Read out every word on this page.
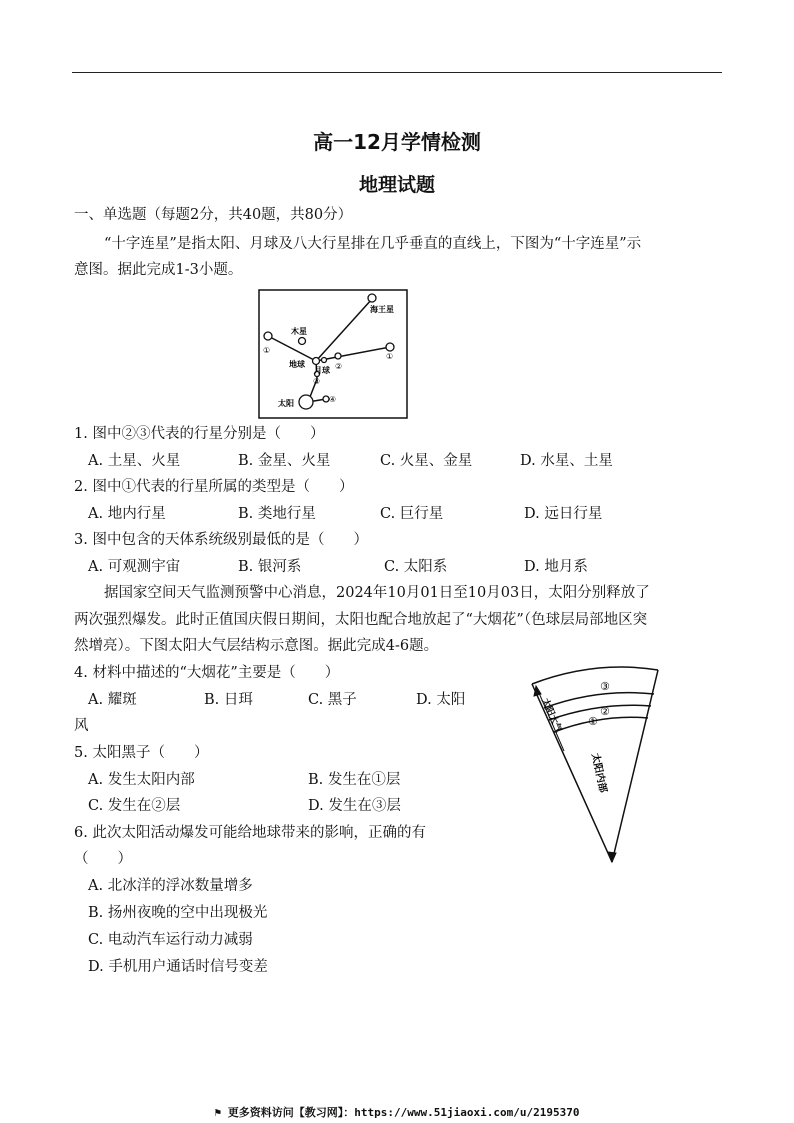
高一12月学情检测
地理试题
一、单选题（每题2分，共40题，共80分）
“十字连星”是指太阳、月球及八大行星排在几乎垂直的直线上，下图为“十字连星”示
意图。据此完成1-3小题。
海王星
木星
地球
月球
太阳
①
①
②
③
④
1. 图中②③代表的行星分别是（　　）
A. 土星、火星	B. 金星、火星	C. 火星、金星	D. 水星、土星
2. 图中①代表的行星所属的类型是（　　）
A. 地内行星	B. 类地行星	C. 巨行星	D. 远日行星
3. 图中包含的天体系统级别最低的是（　　）
A. 可观测宇宙	B. 银河系	C. 太阳系	D. 地月系
据国家空间天气监测预警中心消息，2024年10月01日至10月03日，太阳分别释放了
两次强烈爆发。此时正值国庆假日期间，太阳也配合地放起了“大烟花”（色球层局部地区突
然增亮）。下图太阳大气层结构示意图。据此完成4-6题。
4. 材料中描述的“大烟花”主要是（　　）
A. 耀斑	B. 日珥	C. 黑子	D. 太阳
风
5. 太阳黑子（　　）
A. 发生太阳内部	B. 发生在①层
C. 发生在②层	D. 发生在③层
6. 此次太阳活动爆发可能给地球带来的影响，正确的有
（　　）
A. 北冰洋的浮冰数量增多
B. 扬州夜晚的空中出现极光
C. 电动汽车运行动力减弱
D. 手机用户通话时信号变差
太阳大气
太阳内部
③
②
①
⚑ 更多资料访问【教习网】：https://www.51jiaoxi.com/u/2195370
